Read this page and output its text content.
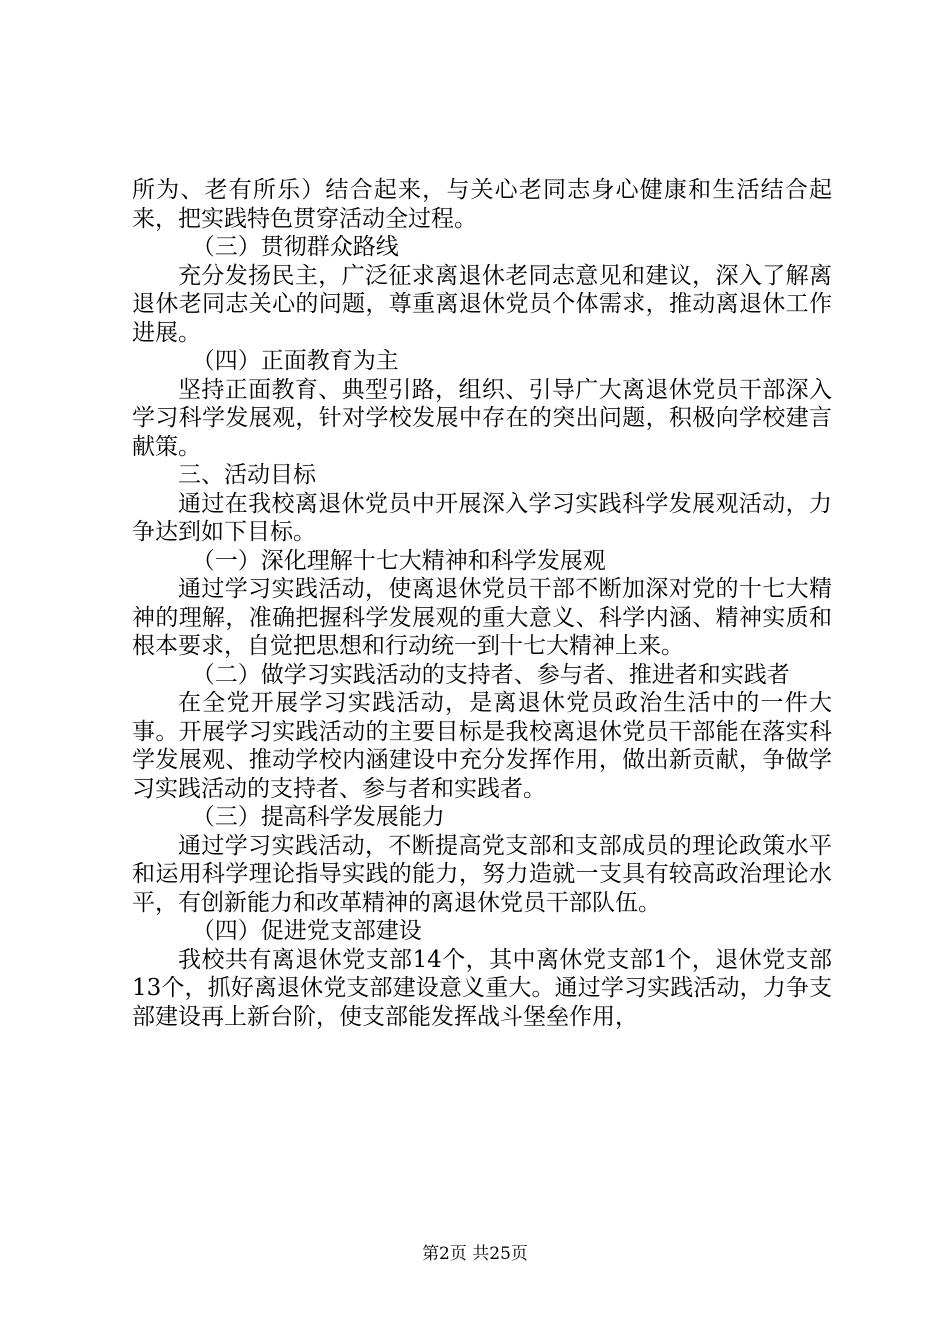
所为、老有所乐）结合起来，与关心老同志身心健康和生活结合起来，把实践特色贯穿活动全过程。

（三）贯彻群众路线

充分发扬民主，广泛征求离退休老同志意见和建议，深入了解离退休老同志关心的问题，尊重离退休党员个体需求，推动离退休工作进展。

（四）正面教育为主

坚持正面教育、典型引路，组织、引导广大离退休党员干部深入学习科学发展观，针对学校发展中存在的突出问题，积极向学校建言献策。

三、活动目标

通过在我校离退休党员中开展深入学习实践科学发展观活动，力争达到如下目标。

（一）深化理解十七大精神和科学发展观

通过学习实践活动，使离退休党员干部不断加深对党的十七大精神的理解，准确把握科学发展观的重大意义、科学内涵、精神实质和根本要求，自觉把思想和行动统一到十七大精神上来。

（二）做学习实践活动的支持者、参与者、推进者和实践者

在全党开展学习实践活动，是离退休党员政治生活中的一件大事。开展学习实践活动的主要目标是我校离退休党员干部能在落实科学发展观、推动学校内涵建设中充分发挥作用，做出新贡献，争做学习实践活动的支持者、参与者和实践者。

（三）提高科学发展能力

通过学习实践活动，不断提高党支部和支部成员的理论政策水平和运用科学理论指导实践的能力，努力造就一支具有较高政治理论水平，有创新能力和改革精神的离退休党员干部队伍。

（四）促进党支部建设

我校共有离退休党支部14个，其中离休党支部1个，退休党支部13个，抓好离退休党支部建设意义重大。通过学习实践活动，力争支部建设再上新台阶，使支部能发挥战斗堡垒作用，

第2页 共25页
